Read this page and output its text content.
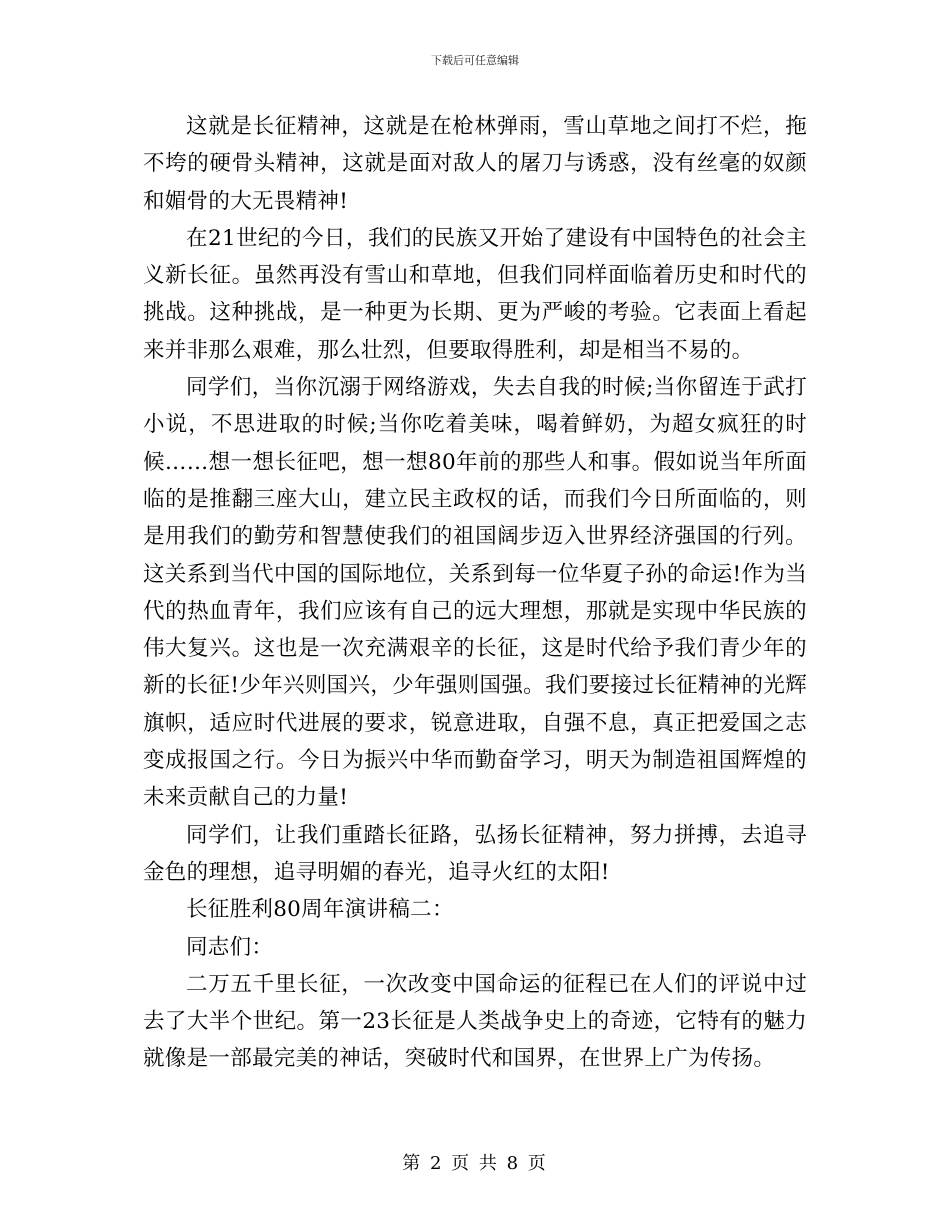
下载后可任意编辑

这就是长征精神，这就是在枪林弹雨，雪山草地之间打不烂，拖不垮的硬骨头精神，这就是面对敌人的屠刀与诱惑，没有丝毫的奴颜和媚骨的大无畏精神!

在21世纪的今日，我们的民族又开始了建设有中国特色的社会主义新长征。虽然再没有雪山和草地，但我们同样面临着历史和时代的挑战。这种挑战，是一种更为长期、更为严峻的考验。它表面上看起来并非那么艰难，那么壮烈，但要取得胜利，却是相当不易的。

同学们，当你沉溺于网络游戏，失去自我的时候;当你留连于武打小说，不思进取的时候;当你吃着美味，喝着鲜奶，为超女疯狂的时候……想一想长征吧，想一想80年前的那些人和事。假如说当年所面临的是推翻三座大山，建立民主政权的话，而我们今日所面临的，则是用我们的勤劳和智慧使我们的祖国阔步迈入世界经济强国的行列。这关系到当代中国的国际地位，关系到每一位华夏子孙的命运!作为当代的热血青年，我们应该有自己的远大理想，那就是实现中华民族的伟大复兴。这也是一次充满艰辛的长征，这是时代给予我们青少年的新的长征!少年兴则国兴，少年强则国强。我们要接过长征精神的光辉旗帜，适应时代进展的要求，锐意进取，自强不息，真正把爱国之志变成报国之行。今日为振兴中华而勤奋学习，明天为制造祖国辉煌的未来贡献自己的力量!

同学们，让我们重踏长征路，弘扬长征精神，努力拼搏，去追寻金色的理想，追寻明媚的春光，追寻火红的太阳!

长征胜利80周年演讲稿二：

同志们：

二万五千里长征，一次改变中国命运的征程已在人们的评说中过去了大半个世纪。第一23长征是人类战争史上的奇迹，它特有的魅力就像是一部最完美的神话，突破时代和国界，在世界上广为传扬。

第 2 页 共 8 页
